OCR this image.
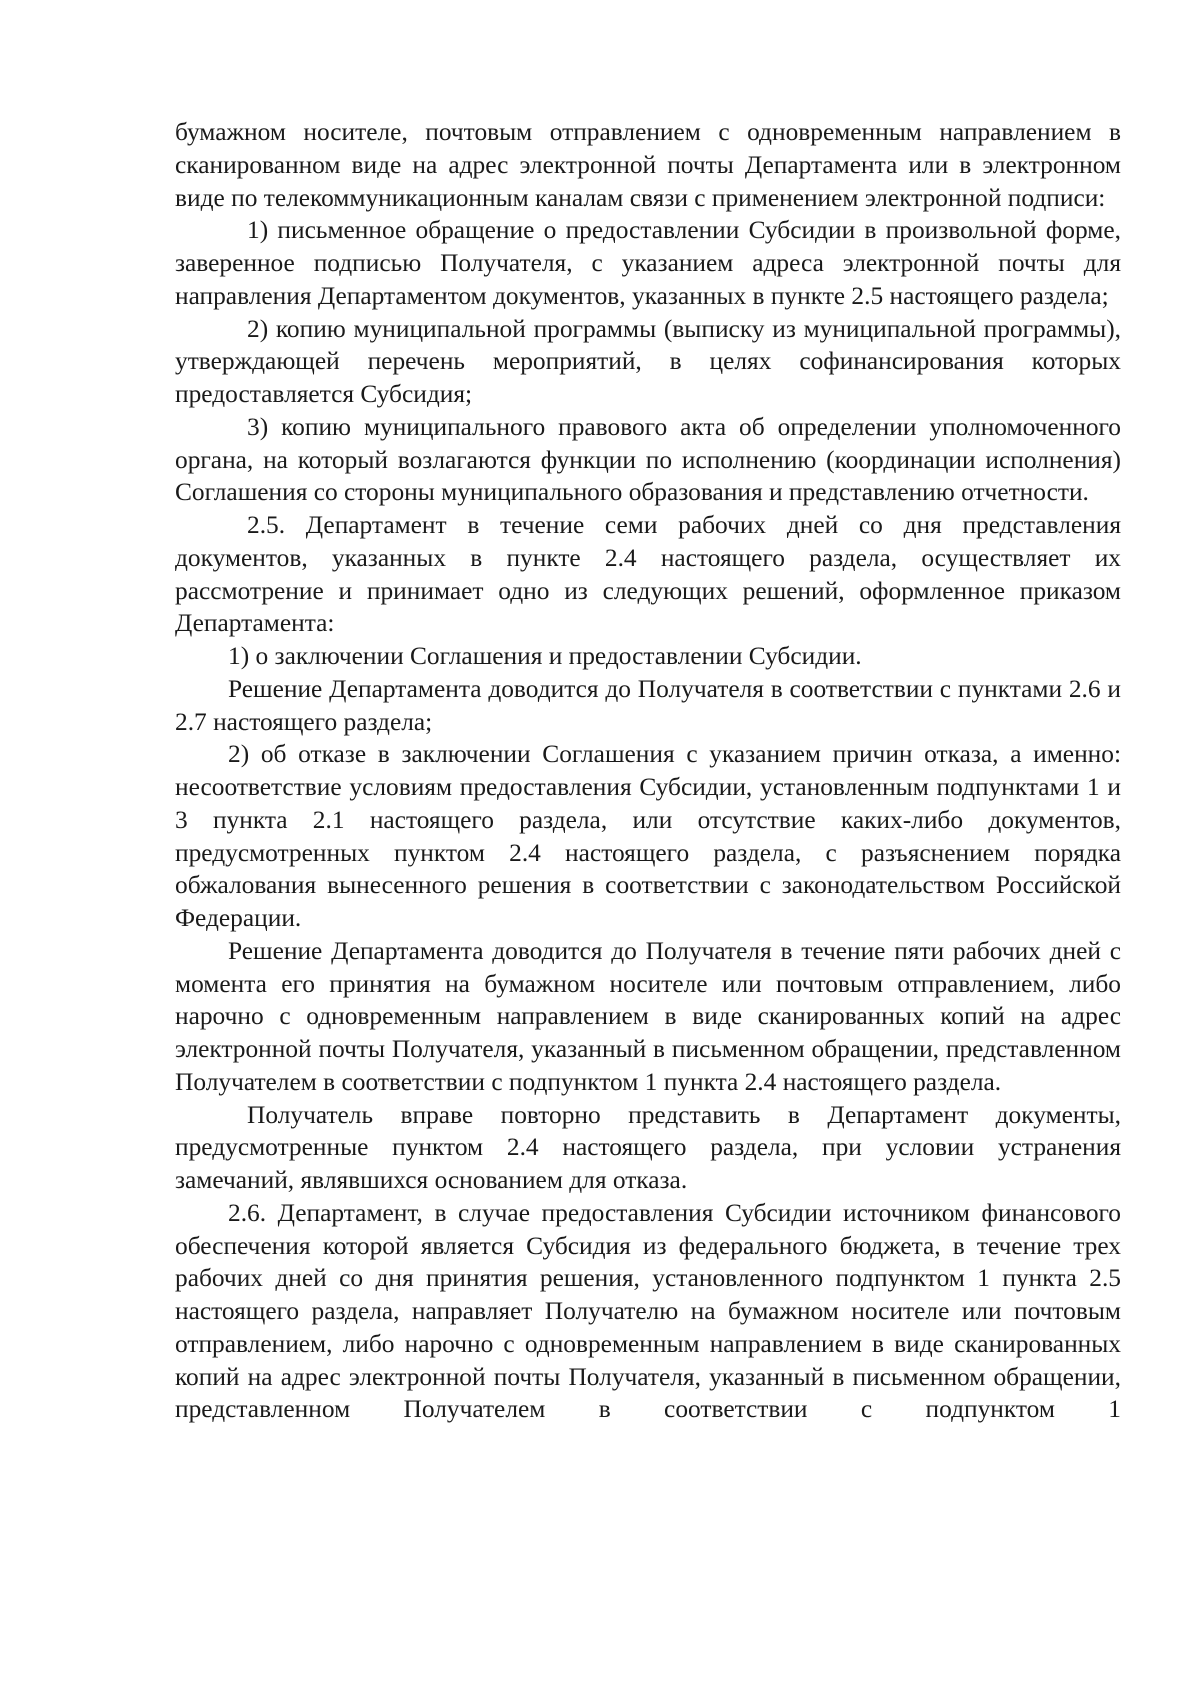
бумажном носителе, почтовым отправлением с одновременным направлением в сканированном виде на адрес электронной почты Департамента или в электронном виде по телекоммуникационным каналам связи с применением электронной подписи:

1) письменное обращение о предоставлении Субсидии в произвольной форме, заверенное подписью Получателя, с указанием адреса электронной почты для направления Департаментом документов, указанных в пункте 2.5 настоящего раздела;

2) копию муниципальной программы (выписку из муниципальной программы), утверждающей перечень мероприятий, в целях софинансирования которых предоставляется Субсидия;

3) копию муниципального правового акта об определении уполномоченного органа, на который возлагаются функции по исполнению (координации исполнения) Соглашения со стороны муниципального образования и представлению отчетности.

2.5. Департамент в течение семи рабочих дней со дня представления документов, указанных в пункте 2.4 настоящего раздела, осуществляет их рассмотрение и принимает одно из следующих решений, оформленное приказом Департамента:

1) о заключении Соглашения и предоставлении Субсидии.

Решение Департамента доводится до Получателя в соответствии с пунктами 2.6 и 2.7 настоящего раздела;

2) об отказе в заключении Соглашения с указанием причин отказа, а именно: несоответствие условиям предоставления Субсидии, установленным подпунктами 1 и 3 пункта 2.1 настоящего раздела, или отсутствие каких-либо документов, предусмотренных пунктом 2.4 настоящего раздела, с разъяснением порядка обжалования вынесенного решения в соответствии с законодательством Российской Федерации.

Решение Департамента доводится до Получателя в течение пяти рабочих дней с момента его принятия на бумажном носителе или почтовым отправлением, либо нарочно с одновременным направлением в виде сканированных копий на адрес электронной почты Получателя, указанный в письменном обращении, представленном Получателем в соответствии с подпунктом 1 пункта 2.4 настоящего раздела.

Получатель вправе повторно представить в Департамент документы, предусмотренные пунктом 2.4 настоящего раздела, при условии устранения замечаний, являвшихся основанием для отказа.

2.6. Департамент, в случае предоставления Субсидии источником финансового обеспечения которой является Субсидия из федерального бюджета, в течение трех рабочих дней со дня принятия решения, установленного подпунктом 1 пункта 2.5 настоящего раздела, направляет Получателю на бумажном носителе или почтовым отправлением, либо нарочно с одновременным направлением в виде сканированных копий на адрес электронной почты Получателя, указанный в письменном обращении, представленном Получателем в соответствии с подпунктом 1
